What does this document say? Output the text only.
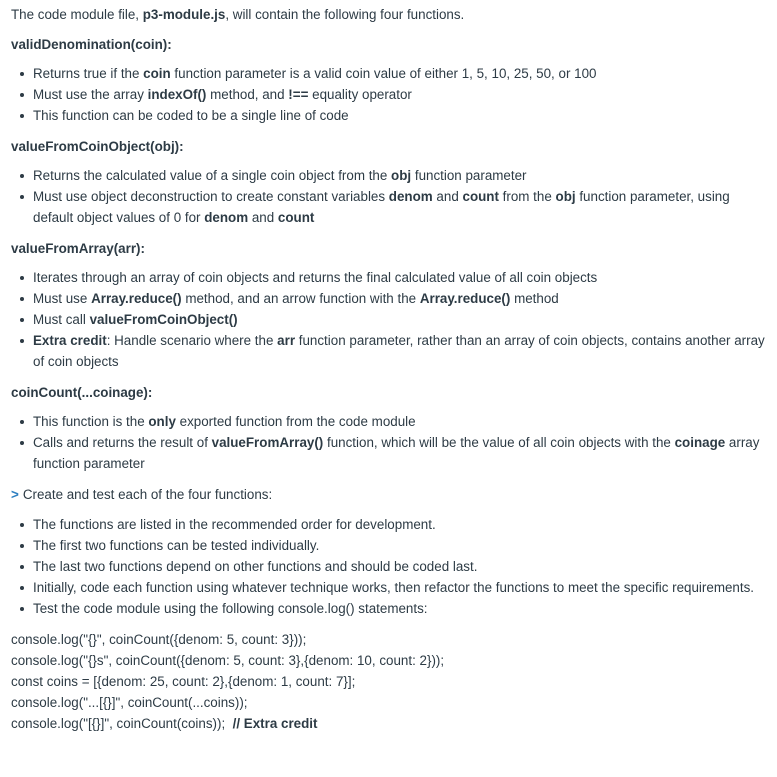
The code module file, p3-module.js, will contain the following four functions.

validDenomination(coin):

Returns true if the coin function parameter is a valid coin value of either 1, 5, 10, 25, 50, or 100
Must use the array indexOf() method, and !== equality operator
This function can be coded to be a single line of code

valueFromCoinObject(obj):

Returns the calculated value of a single coin object from the obj function parameter
Must use object deconstruction to create constant variables denom and count from the obj function parameter, using default object values of 0 for denom and count

valueFromArray(arr):

Iterates through an array of coin objects and returns the final calculated value of all coin objects
Must use Array.reduce() method, and an arrow function with the Array.reduce() method
Must call valueFromCoinObject()
Extra credit: Handle scenario where the arr function parameter, rather than an array of coin objects, contains another array of coin objects

coinCount(...coinage):

This function is the only exported function from the code module
Calls and returns the result of valueFromArray() function, which will be the value of all coin objects with the coinage array function parameter

> Create and test each of the four functions:

The functions are listed in the recommended order for development.
The first two functions can be tested individually.
The last two functions depend on other functions and should be coded last.
Initially, code each function using whatever technique works, then refactor the functions to meet the specific requirements.
Test the code module using the following console.log() statements:

console.log("{}", coinCount({denom: 5, count: 3}));

console.log("{}s", coinCount({denom: 5, count: 3},{denom: 10, count: 2}));

const coins = [{denom: 25, count: 2},{denom: 1, count: 7}];

console.log("...[{}]", coinCount(...coins));

console.log("[{}]", coinCount(coins));  // Extra credit
